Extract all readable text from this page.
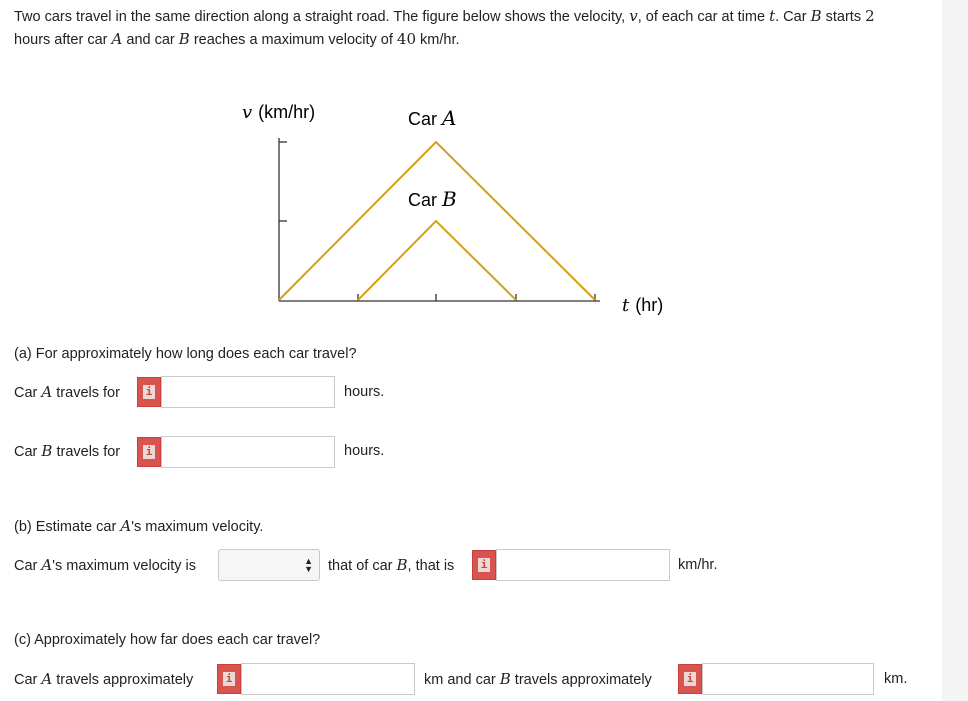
Two cars travel in the same direction along a straight road. The figure below shows the velocity, v, of each car at time t. Car B starts 2
hours after car A and car B reaches a maximum velocity of 40 km/hr.
v (km/hr)	Car A
Car B
t (hr)
(a) For approximately how long does each car travel?
Car A travels for i	hours.
Car B travels for i	hours.
(b) Estimate car A's maximum velocity.
Car A's maximum velocity is	▲
▼ that of car B, that is i	km/hr.
(c) Approximately how far does each car travel?
Car A travels approximately	i	km and car B travels approximately	i	km.
